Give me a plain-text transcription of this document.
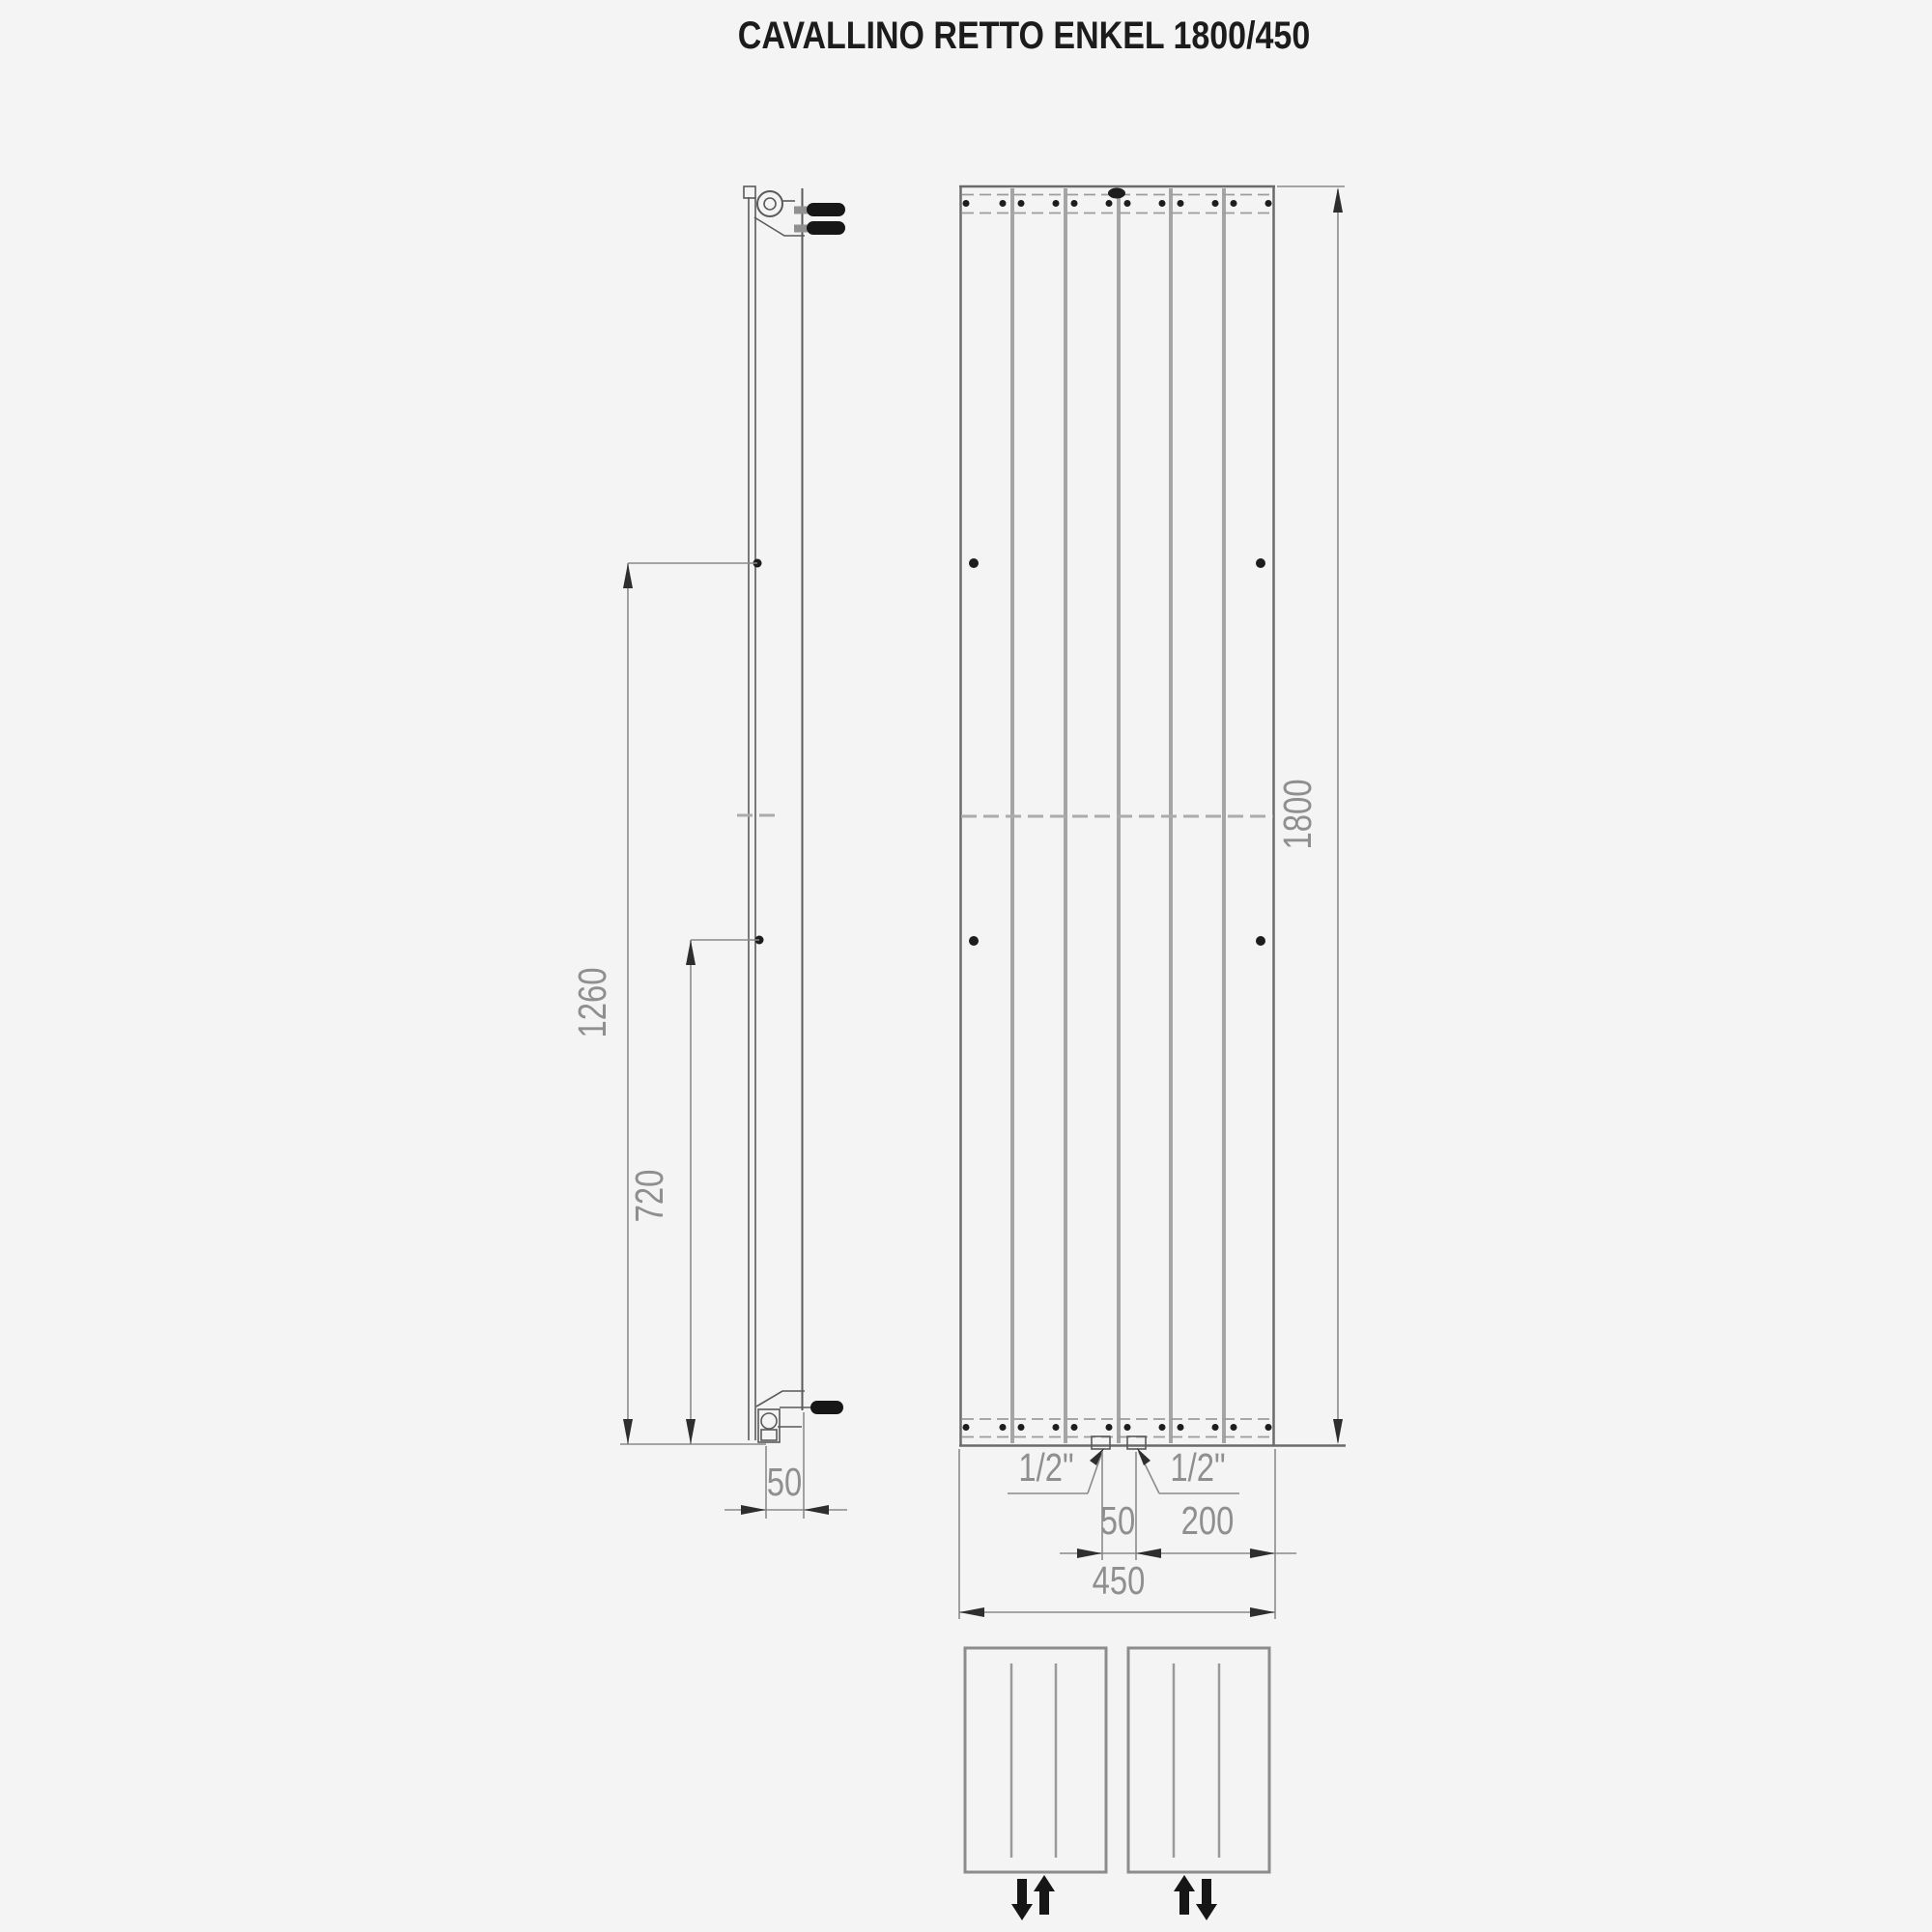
CAVALLINO RETTO ENKEL 1800/450
1260
720
50
1800
1/2" 1/2"
50 200
450
